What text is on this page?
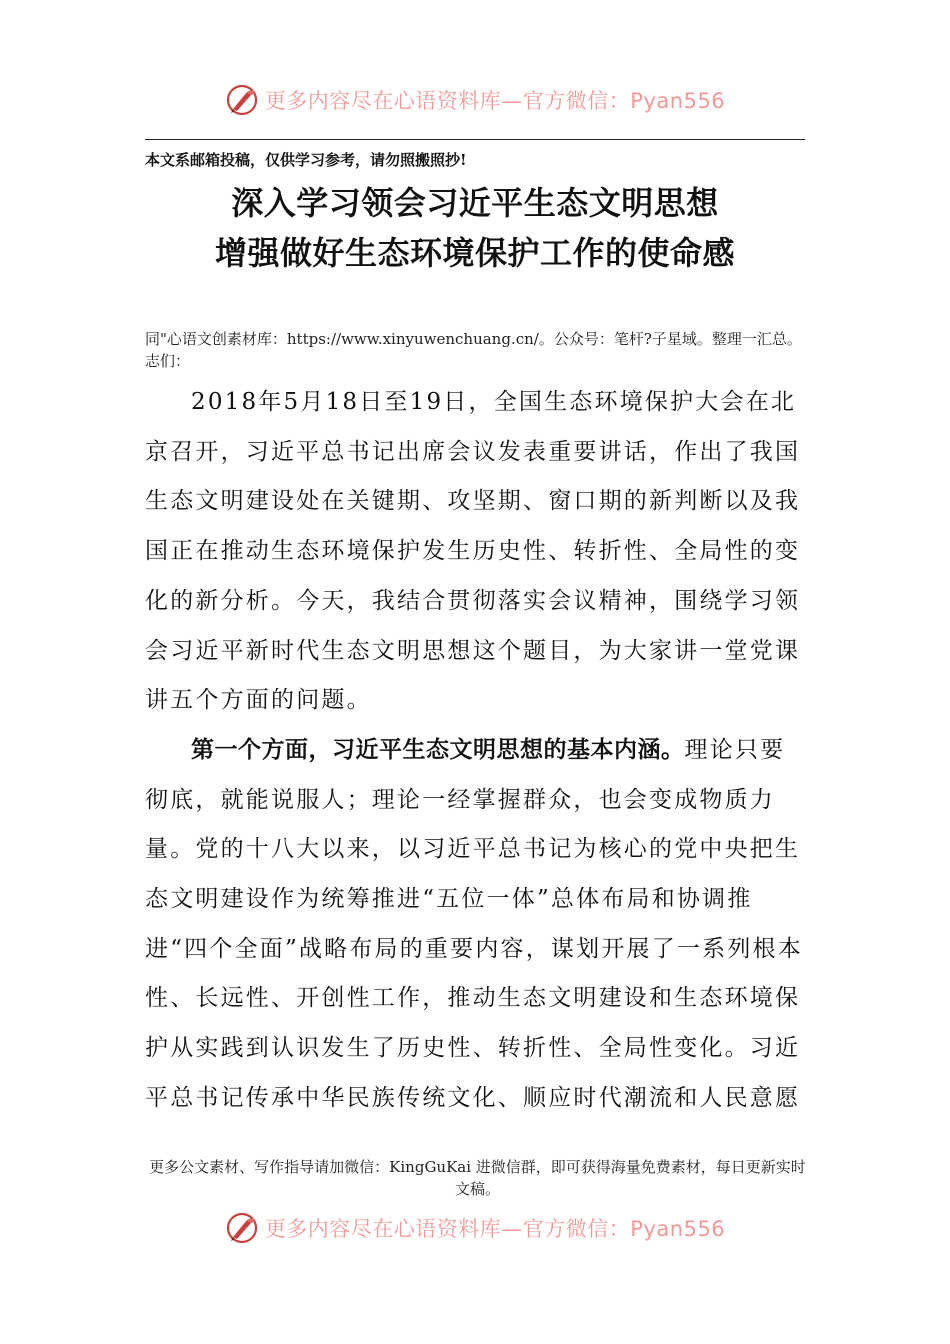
更多内容尽在心语资料库—官方微信：Pyan556
本文系邮箱投稿，仅供学习参考，请勿照搬照抄!
深入学习领会习近平生态文明思想
增强做好生态环境保护工作的使命感
同"心语文创素材库：https://www.xinyuwenchuang.cn/。公众号：笔杆?子星域。整理一汇总。
志们：

2018年5月18日至19日，全国生态环境保护大会在北京召开，习近平总书记出席会议发表重要讲话，作出了我国生态文明建设处在关键期、攻坚期、窗口期的新判断以及我国正在推动生态环境保护发生历史性、转折性、全局性的变化的新分析。今天，我结合贯彻落实会议精神，围绕学习领会习近平新时代生态文明思想这个题目，为大家讲一堂党课讲五个方面的问题。

第一个方面，习近平生态文明思想的基本内涵。理论只要彻底，就能说服人；理论一经掌握群众，也会变成物质力量。党的十八大以来，以习近平总书记为核心的党中央把生态文明建设作为统筹推进“五位一体”总体布局和协调推进“四个全面”战略布局的重要内容，谋划开展了一系列根本性、长远性、开创性工作，推动生态文明建设和生态环境保护从实践到认识发生了历史性、转折性、全局性变化。习近平总书记传承中华民族传统文化、顺应时代潮流和人民意愿

更多公文素材、写作指导请加微信：KingGuKai 进微信群，即可获得海量免费素材，每日更新实时文稿。
更多内容尽在心语资料库—官方微信：Pyan556
